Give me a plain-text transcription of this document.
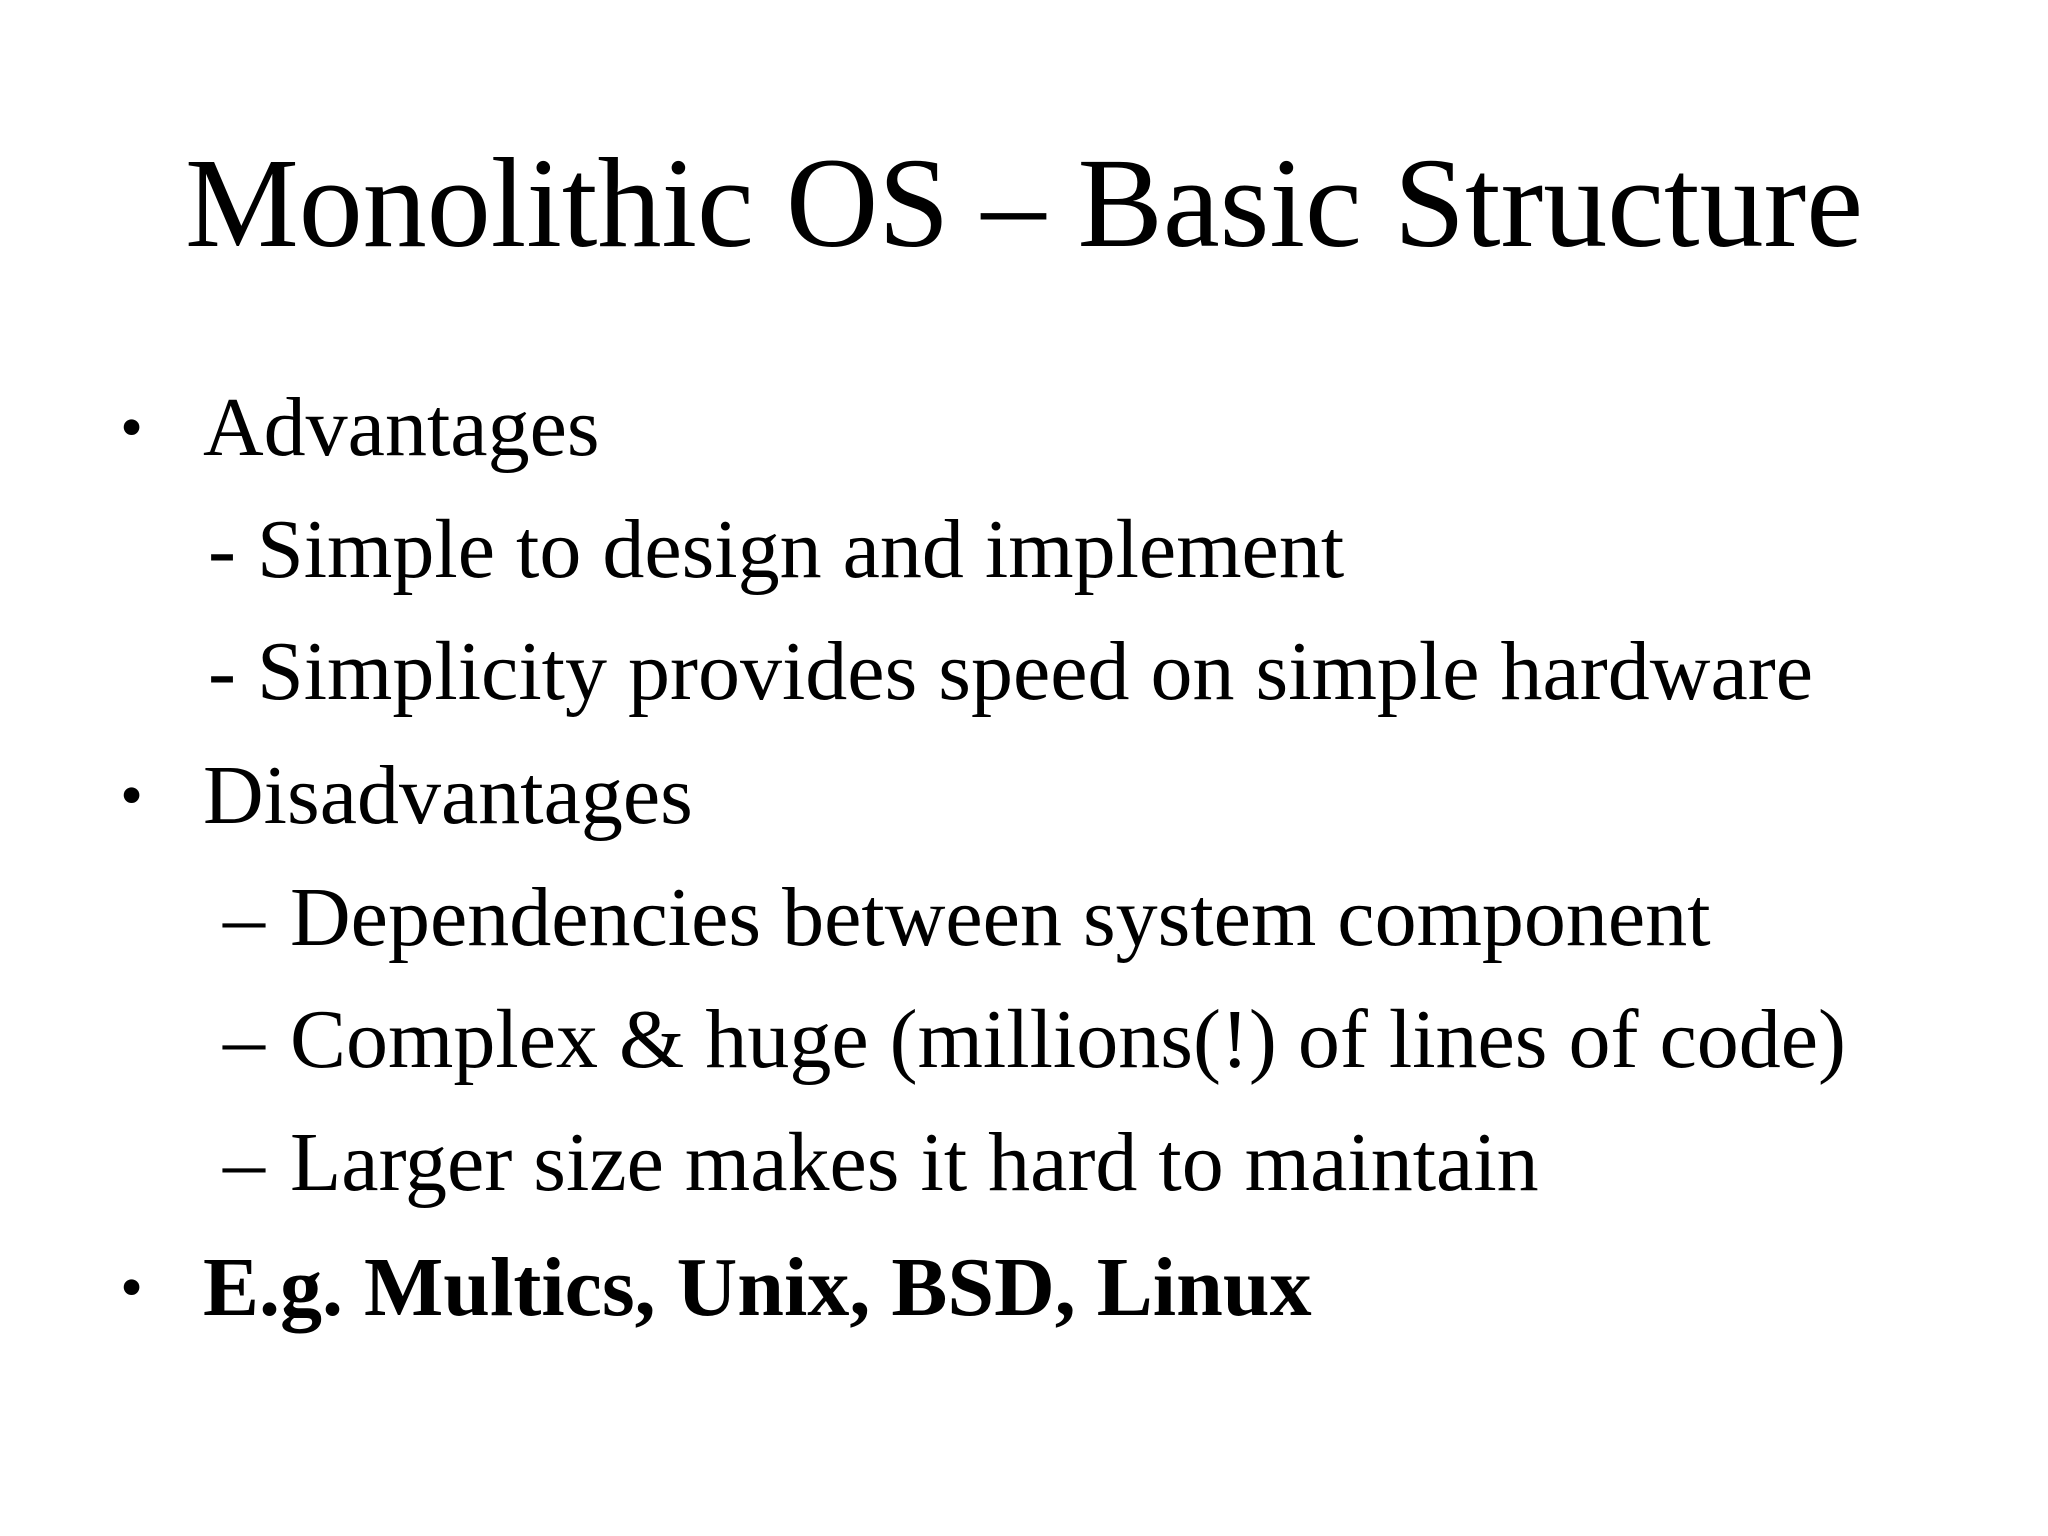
Monolithic OS – Basic Structure
• Advantages
- Simple to design and implement
- Simplicity provides speed on simple hardware
• Disadvantages
– Dependencies between system component
– Complex & huge (millions(!) of lines of code)
– Larger size makes it hard to maintain
• E.g. Multics, Unix, BSD, Linux
